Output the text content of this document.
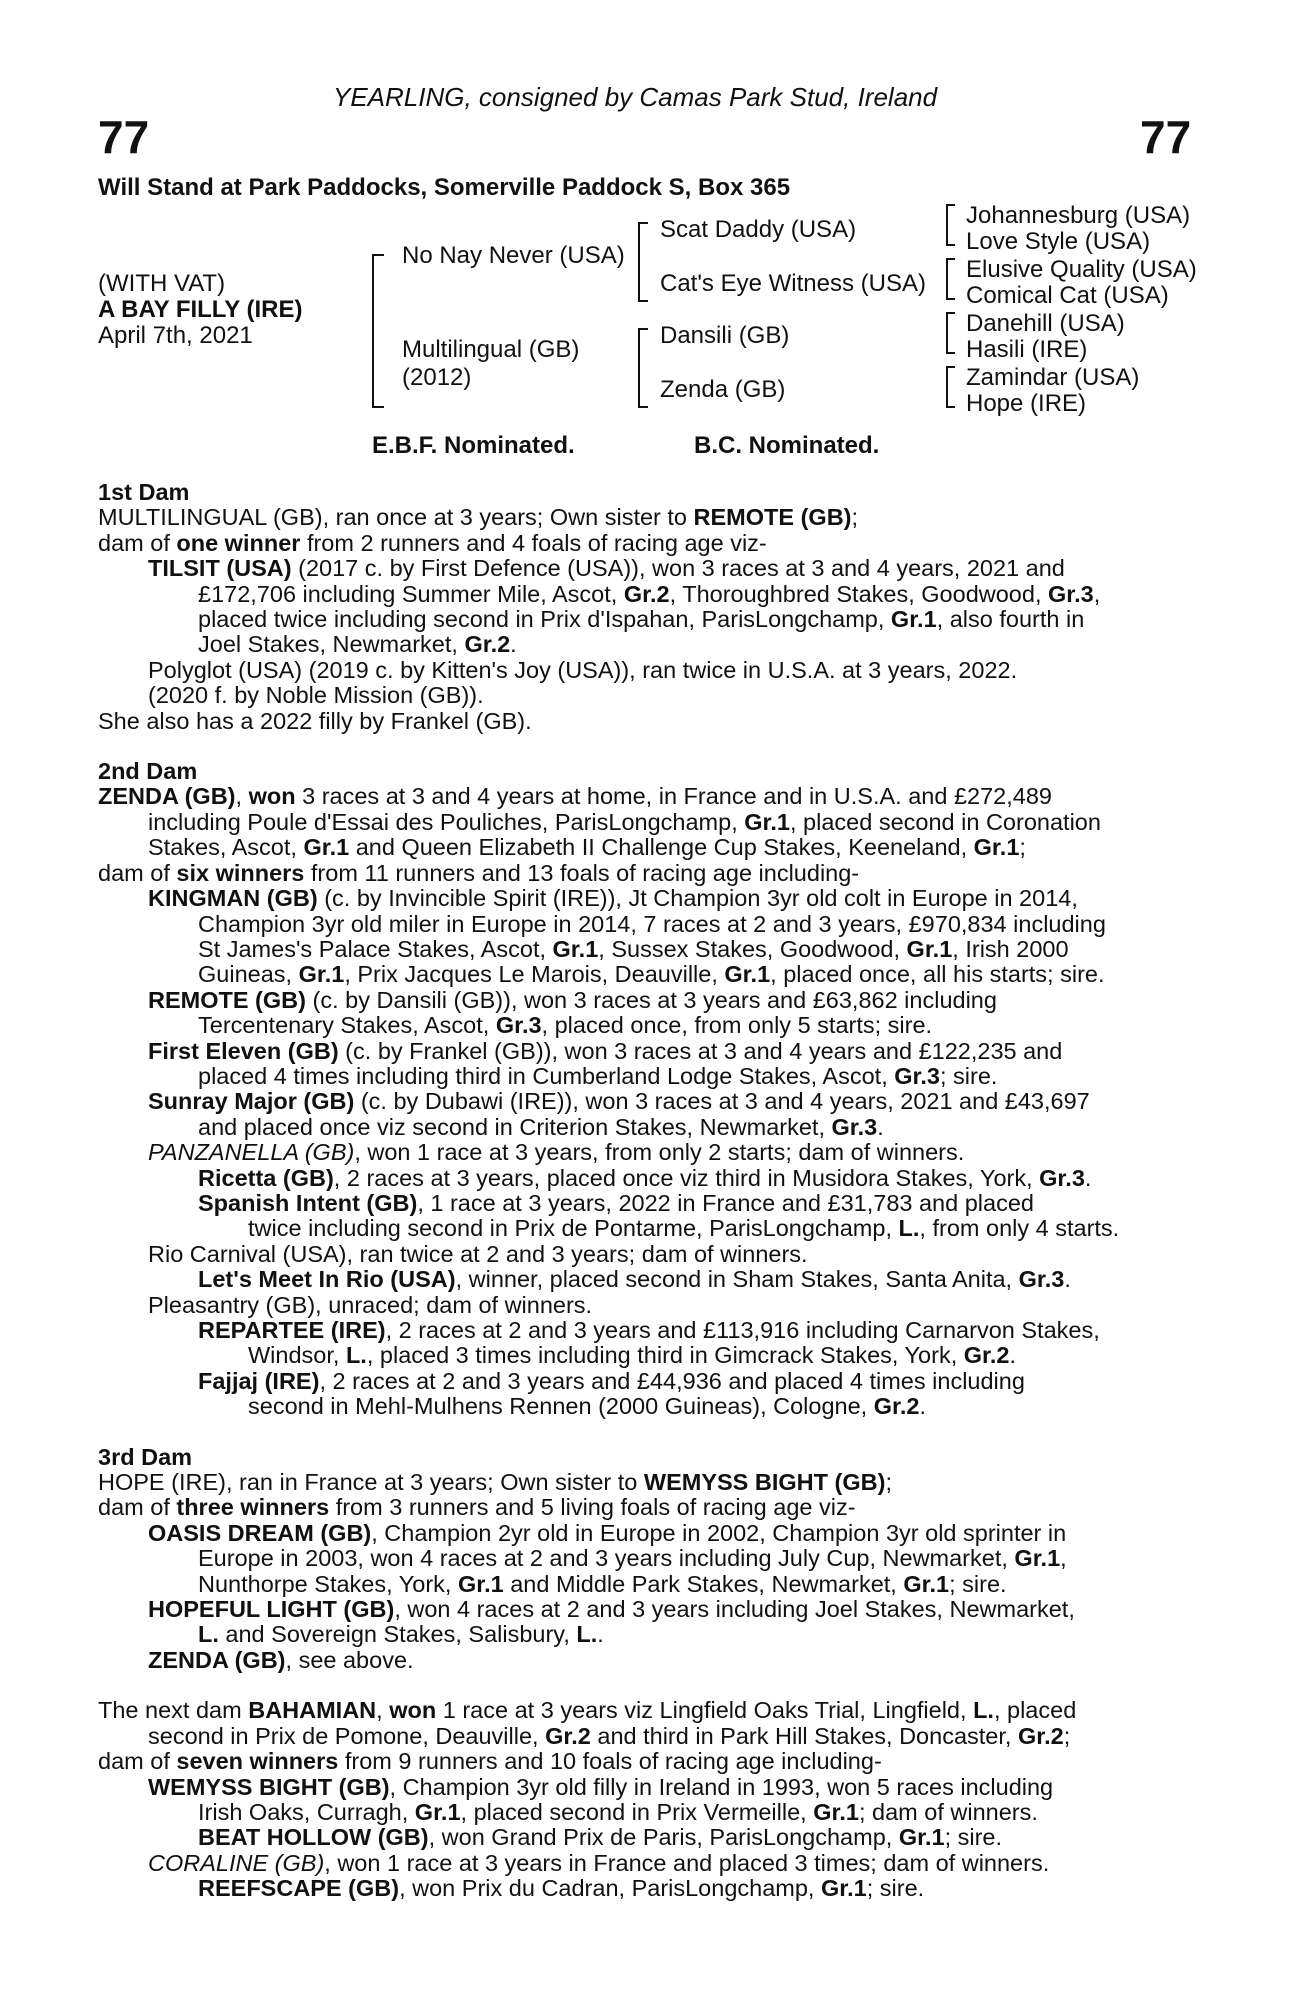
YEARLING, consigned by Camas Park Stud, Ireland
77	77
Will Stand at Park Paddocks, Somerville Paddock S, Box 365
(WITH VAT)
A BAY FILLY (IRE)
April 7th, 2021
No Nay Never (USA)
Multilingual (GB)
(2012)
Scat Daddy (USA)
Cat's Eye Witness (USA)
Dansili (GB)
Zenda (GB)
Johannesburg (USA)
Love Style (USA)
Elusive Quality (USA)
Comical Cat (USA)
Danehill (USA)
Hasili (IRE)
Zamindar (USA)
Hope (IRE)
E.B.F. Nominated.	B.C. Nominated.
1st Dam
MULTILINGUAL (GB), ran once at 3 years; Own sister to REMOTE (GB);
dam of one winner from 2 runners and 4 foals of racing age viz-
TILSIT (USA) (2017 c. by First Defence (USA)), won 3 races at 3 and 4 years, 2021 and
£172,706 including Summer Mile, Ascot, Gr.2, Thoroughbred Stakes, Goodwood, Gr.3,
placed twice including second in Prix d'Ispahan, ParisLongchamp, Gr.1, also fourth in
Joel Stakes, Newmarket, Gr.2.
Polyglot (USA) (2019 c. by Kitten's Joy (USA)), ran twice in U.S.A. at 3 years, 2022.
(2020 f. by Noble Mission (GB)).
She also has a 2022 filly by Frankel (GB).
2nd Dam
ZENDA (GB), won 3 races at 3 and 4 years at home, in France and in U.S.A. and £272,489
including Poule d'Essai des Pouliches, ParisLongchamp, Gr.1, placed second in Coronation
Stakes, Ascot, Gr.1 and Queen Elizabeth II Challenge Cup Stakes, Keeneland, Gr.1;
dam of six winners from 11 runners and 13 foals of racing age including-
KINGMAN (GB) (c. by Invincible Spirit (IRE)), Jt Champion 3yr old colt in Europe in 2014,
Champion 3yr old miler in Europe in 2014, 7 races at 2 and 3 years, £970,834 including
St James's Palace Stakes, Ascot, Gr.1, Sussex Stakes, Goodwood, Gr.1, Irish 2000
Guineas, Gr.1, Prix Jacques Le Marois, Deauville, Gr.1, placed once, all his starts; sire.
REMOTE (GB) (c. by Dansili (GB)), won 3 races at 3 years and £63,862 including
Tercentenary Stakes, Ascot, Gr.3, placed once, from only 5 starts; sire.
First Eleven (GB) (c. by Frankel (GB)), won 3 races at 3 and 4 years and £122,235 and
placed 4 times including third in Cumberland Lodge Stakes, Ascot, Gr.3; sire.
Sunray Major (GB) (c. by Dubawi (IRE)), won 3 races at 3 and 4 years, 2021 and £43,697
and placed once viz second in Criterion Stakes, Newmarket, Gr.3.
PANZANELLA (GB), won 1 race at 3 years, from only 2 starts; dam of winners.
Ricetta (GB), 2 races at 3 years, placed once viz third in Musidora Stakes, York, Gr.3.
Spanish Intent (GB), 1 race at 3 years, 2022 in France and £31,783 and placed
twice including second in Prix de Pontarme, ParisLongchamp, L., from only 4 starts.
Rio Carnival (USA), ran twice at 2 and 3 years; dam of winners.
Let's Meet In Rio (USA), winner, placed second in Sham Stakes, Santa Anita, Gr.3.
Pleasantry (GB), unraced; dam of winners.
REPARTEE (IRE), 2 races at 2 and 3 years and £113,916 including Carnarvon Stakes,
Windsor, L., placed 3 times including third in Gimcrack Stakes, York, Gr.2.
Fajjaj (IRE), 2 races at 2 and 3 years and £44,936 and placed 4 times including
second in Mehl-Mulhens Rennen (2000 Guineas), Cologne, Gr.2.
3rd Dam
HOPE (IRE), ran in France at 3 years; Own sister to WEMYSS BIGHT (GB);
dam of three winners from 3 runners and 5 living foals of racing age viz-
OASIS DREAM (GB), Champion 2yr old in Europe in 2002, Champion 3yr old sprinter in
Europe in 2003, won 4 races at 2 and 3 years including July Cup, Newmarket, Gr.1,
Nunthorpe Stakes, York, Gr.1 and Middle Park Stakes, Newmarket, Gr.1; sire.
HOPEFUL LIGHT (GB), won 4 races at 2 and 3 years including Joel Stakes, Newmarket,
L. and Sovereign Stakes, Salisbury, L..
ZENDA (GB), see above.
The next dam BAHAMIAN, won 1 race at 3 years viz Lingfield Oaks Trial, Lingfield, L., placed
second in Prix de Pomone, Deauville, Gr.2 and third in Park Hill Stakes, Doncaster, Gr.2;
dam of seven winners from 9 runners and 10 foals of racing age including-
WEMYSS BIGHT (GB), Champion 3yr old filly in Ireland in 1993, won 5 races including
Irish Oaks, Curragh, Gr.1, placed second in Prix Vermeille, Gr.1; dam of winners.
BEAT HOLLOW (GB), won Grand Prix de Paris, ParisLongchamp, Gr.1; sire.
CORALINE (GB), won 1 race at 3 years in France and placed 3 times; dam of winners.
REEFSCAPE (GB), won Prix du Cadran, ParisLongchamp, Gr.1; sire.
